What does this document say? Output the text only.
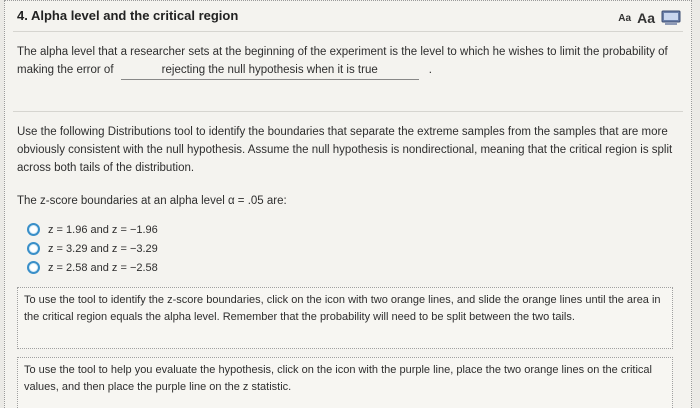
4. Alpha level and the critical region	Aa Aa
The alpha level that a researcher sets at the beginning of the experiment is the level to which he wishes to limit the probability of making the error of	rejecting the null hypothesis when it is true	.
Use the following Distributions tool to identify the boundaries that separate the extreme samples from the samples that are more obviously consistent with the null hypothesis. Assume the null hypothesis is nondirectional, meaning that the critical region is split across both tails of the distribution.
The z-score boundaries at an alpha level α = .05 are:
z = 1.96 and z = −1.96
z = 3.29 and z = −3.29
z = 2.58 and z = −2.58
To use the tool to identify the z-score boundaries, click on the icon with two orange lines, and slide the orange lines until the area in the critical region equals the alpha level. Remember that the probability will need to be split between the two tails.
To use the tool to help you evaluate the hypothesis, click on the icon with the purple line, place the two orange lines on the critical values, and then place the purple line on the z statistic.
